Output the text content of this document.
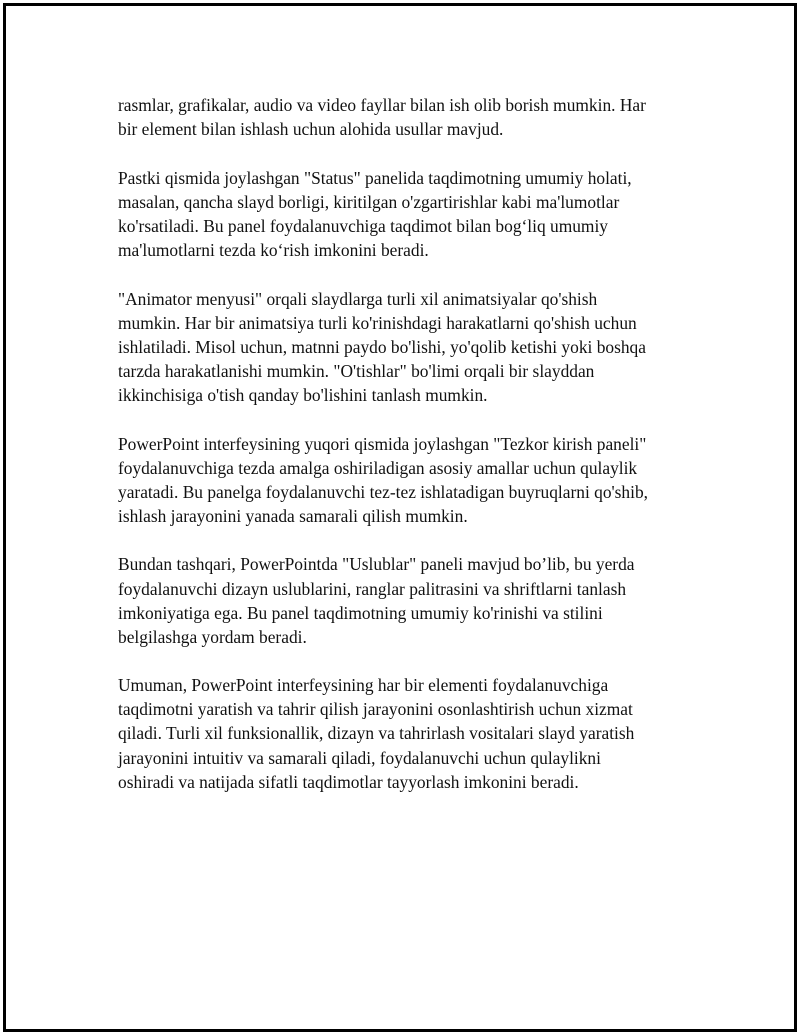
rasmlar, grafikalar, audio va video fayllar bilan ish olib borish mumkin. Har
bir element bilan ishlash uchun alohida usullar mavjud.

Pastki qismida joylashgan "Status" panelida taqdimotning umumiy holati,
masalan, qancha slayd borligi, kiritilgan o'zgartirishlar kabi ma'lumotlar
ko'rsatiladi. Bu panel foydalanuvchiga taqdimot bilan bog‘liq umumiy
ma'lumotlarni tezda ko‘rish imkonini beradi.

"Animator menyusi" orqali slaydlarga turli xil animatsiyalar qo'shish
mumkin. Har bir animatsiya turli ko'rinishdagi harakatlarni qo'shish uchun
ishlatiladi. Misol uchun, matnni paydo bo'lishi, yo'qolib ketishi yoki boshqa
tarzda harakatlanishi mumkin. "O'tishlar" bo'limi orqali bir slayddan
ikkinchisiga o'tish qanday bo'lishini tanlash mumkin.

PowerPoint interfeysining yuqori qismida joylashgan "Tezkor kirish paneli"
foydalanuvchiga tezda amalga oshiriladigan asosiy amallar uchun qulaylik
yaratadi. Bu panelga foydalanuvchi tez-tez ishlatadigan buyruqlarni qo'shib,
ishlash jarayonini yanada samarali qilish mumkin.

Bundan tashqari, PowerPointda "Uslublar" paneli mavjud bo’lib, bu yerda
foydalanuvchi dizayn uslublarini, ranglar palitrasini va shriftlarni tanlash
imkoniyatiga ega. Bu panel taqdimotning umumiy ko'rinishi va stilini
belgilashga yordam beradi.

Umuman, PowerPoint interfeysining har bir elementi foydalanuvchiga
taqdimotni yaratish va tahrir qilish jarayonini osonlashtirish uchun xizmat
qiladi. Turli xil funksionallik, dizayn va tahrirlash vositalari slayd yaratish
jarayonini intuitiv va samarali qiladi, foydalanuvchi uchun qulaylikni
oshiradi va natijada sifatli taqdimotlar tayyorlash imkonini beradi.
